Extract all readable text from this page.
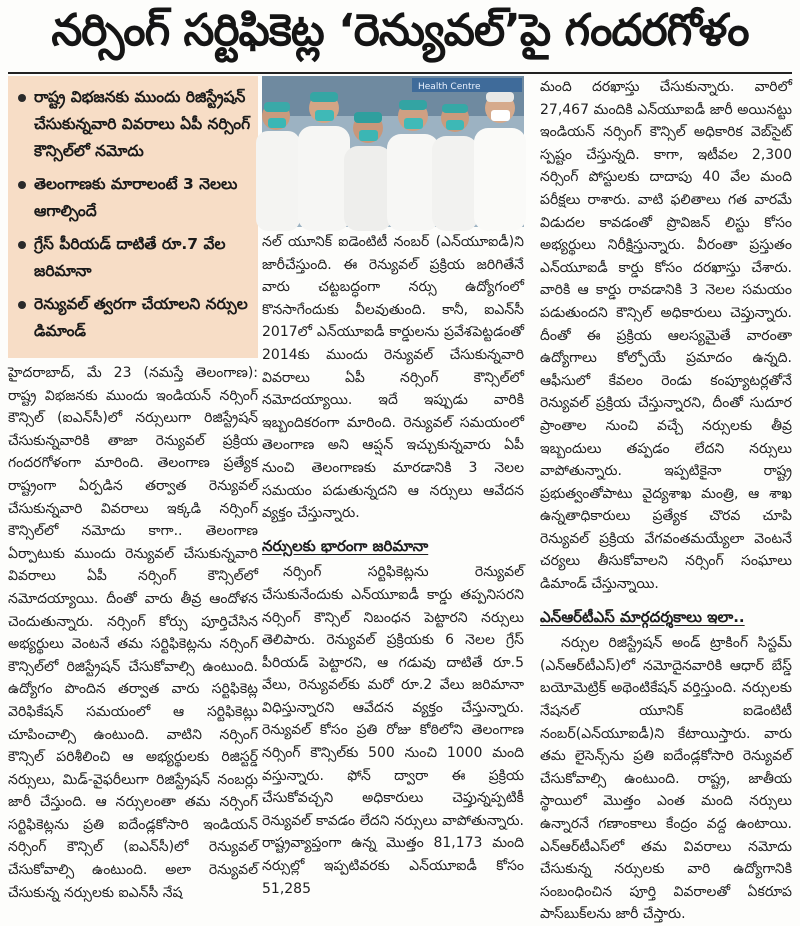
నర్సింగ్ సర్టిఫికెట్ల ‘రెన్యువల్’పై గందరగోళం
రాష్ట్ర విభజనకు ముందు రిజిస్ట్రేషన్ చేసుకున్నవారి వివరాలు ఏపీ నర్సింగ్ కౌన్సిల్‌లో నమోదు
తెలంగాణకు మారాలంటే 3 నెలలు ఆగాల్సిందే
గ్రేస్ పీరియడ్ దాటితే రూ.7 వేల జరిమానా
రెన్యువల్ త్వరగా చేయాలని నర్సుల డిమాండ్
Health Centre

హైదరాబాద్, మే 23 (నమస్తే తెలంగాణ): రాష్ట్ర విభజనకు ముందు ఇండియన్ నర్సింగ్ కౌన్సిల్ (ఐఎన్‌సీ)లో నర్సులుగా రిజిస్ట్రేషన్ చేసుకున్నవారికి తాజా రెన్యువల్ ప్రక్రియ గందరగోళంగా మారింది. తెలంగాణ ప్రత్యేక రాష్ట్రంగా ఏర్పడిన తర్వాత రెన్యువల్ చేసుకున్నవారి వివరాలు ఇక్కడి నర్సింగ్ కౌన్సిల్‌లో నమోదు కాగా.. తెలంగాణ ఏర్పాటుకు ముందు రెన్యువల్ చేసుకున్నవారి వివరాలు ఏపీ నర్సింగ్ కౌన్సిల్‌లో నమోదయ్యాయి. దీంతో వారు తీవ్ర ఆందోళన చెందుతున్నారు. నర్సింగ్ కోర్సు పూర్తిచేసిన అభ్యర్థులు వెంటనే తమ సర్టిఫికెట్లను నర్సింగ్ కౌన్సిల్‌లో రిజిస్ట్రేషన్ చేసుకోవాల్సి ఉంటుంది. ఉద్యోగం పొందిన తర్వాత వారు సర్టిఫికెట్ల వెరిఫికేషన్ సమయంలో ఆ సర్టిఫికెట్లు చూపించాల్సి ఉంటుంది. వాటిని నర్సింగ్ కౌన్సిల్ పరిశీలించి ఆ అభ్యర్థులకు రిజిస్టర్డ్ నర్సులు, మిడ్-వైఫరీలుగా రిజిస్ట్రేషన్ నంబర్లు జారీ చేస్తుంది. ఆ నర్సులంతా తమ నర్సింగ్ సర్టిఫికెట్లను ప్రతి ఐదేండ్లకోసారి ఇండియన్ నర్సింగ్ కౌన్సిల్ (ఐఎన్‌సీ)లో రెన్యువల్ చేసుకోవాల్సి ఉంటుంది. అలా రెన్యువల్ చేసుకున్న నర్సులకు ఐఎన్‌సీ నేష

నల్ యూనిక్ ఐడెంటిటీ నంబర్ (ఎన్‌యూఐడీ)ని జారీచేస్తుంది. ఈ రెన్యువల్ ప్రక్రియ జరిగితేనే వారు చట్టబద్ధంగా నర్సు ఉద్యోగంలో కొనసాగేందుకు వీలవుతుంది. కానీ, ఐఎన్‌సీ 2017లో ఎన్‌యూఐడీ కార్డులను ప్రవేశపెట్టడంతో 2014కు ముందు రెన్యువల్ చేసుకున్నవారి వివరాలు ఏపీ నర్సింగ్ కౌన్సిల్‌లో నమోదయ్యాయి. ఇదే ఇప్పుడు వారికి ఇబ్బందికరంగా మారింది. రెన్యువల్ సమయంలో తెలంగాణ అని ఆప్షన్ ఇచ్చుకున్నవారు ఏపీ నుంచి తెలంగాణకు మారడానికి 3 నెలల సమయం పడుతున్నదని ఆ నర్సులు ఆవేదన వ్యక్తం చేస్తున్నారు.

నర్సులకు భారంగా జరిమానా

నర్సింగ్ సర్టిఫికెట్లను రెన్యువల్ చేసుకునేందుకు ఎన్‌యూఐడీ కార్డు తప్పనిసరని నర్సింగ్ కౌన్సిల్ నిబంధన పెట్టారని నర్సులు తెలిపారు. రెన్యువల్ ప్రక్రియకు 6 నెలల గ్రేస్ పీరియడ్ పెట్టారని, ఆ గడువు దాటితే రూ.5 వేలు, రెన్యువల్‌కు మరో రూ.2 వేలు జరిమానా విధిస్తున్నారని ఆవేదన వ్యక్తం చేస్తున్నారు. రెన్యువల్ కోసం ప్రతి రోజు కోఠిలోని తెలంగాణ నర్సింగ్ కౌన్సిల్‌కు 500 నుంచి 1000 మంది వస్తున్నారు. ఫోన్ ద్వారా ఈ ప్రక్రియ చేసుకోవచ్చని అధికారులు చెప్తున్నప్పటికీ రెన్యువల్ కావడం లేదని నర్సులు వాపోతున్నారు. రాష్ట్రవ్యాప్తంగా ఉన్న మొత్తం 81,173 మంది నర్సుల్లో ఇప్పటివరకు ఎన్‌యూఐడీ కోసం 51,285

మంది దరఖాస్తు చేసుకున్నారు. వారిలో 27,467 మందికి ఎన్‌యూఐడీ జారీ అయినట్టు ఇండియన్ నర్సింగ్ కౌన్సిల్ అధికారిక వెబ్‌సైట్ స్పష్టం చేస్తున్నది. కాగా, ఇటీవల 2,300 నర్సింగ్ పోస్టులకు దాదాపు 40 వేల మంది పరీక్షలు రాశారు. వాటి ఫలితాలు గత వారమే విడుదల కావడంతో ప్రొవిజన్ లిస్టు కోసం అభ్యర్థులు నిరీక్షిస్తున్నారు. వీరంతా ప్రస్తుతం ఎన్‌యూఐడీ కార్డు కోసం దరఖాస్తు చేశారు. వారికి ఆ కార్డు రావడానికి 3 నెలల సమయం పడుతుందని కౌన్సిల్ అధికారులు చెప్తున్నారు. దీంతో ఈ ప్రక్రియ ఆలస్యమైతే వారంతా ఉద్యోగాలు కోల్పోయే ప్రమాదం ఉన్నది. ఆఫీసులో కేవలం రెండు కంప్యూటర్లతోనే రెన్యువల్ ప్రక్రియ చేస్తున్నారని, దీంతో సుదూర ప్రాంతాల నుంచి వచ్చే నర్సులకు తీవ్ర ఇబ్బందులు తప్పడం లేదని నర్సులు వాపోతున్నారు. ఇప్పటికైనా రాష్ట్ర ప్రభుత్వంతోపాటు వైద్యశాఖ మంత్రి, ఆ శాఖ ఉన్నతాధికారులు ప్రత్యేక చొరవ చూపి రెన్యువల్ ప్రక్రియ వేగవంతమయ్యేలా వెంటనే చర్యలు తీసుకోవాలని నర్సింగ్ సంఘాలు డిమాండ్ చేస్తున్నాయి.

ఎన్‌ఆర్‌టీఎస్ మార్గదర్శకాలు ఇలా..

నర్సుల రిజిస్ట్రేషన్ అండ్ ట్రాకింగ్ సిస్టమ్ (ఎన్‌ఆర్‌టీఎస్)లో నమోదైనవారికి ఆధార్ బేస్డ్ బయోమెట్రిక్ అథెంటికేషన్ వర్తిస్తుంది. నర్సులకు నేషనల్ యూనిక్ ఐడెంటిటీ నంబర్(ఎన్‌యూఐడీ)ని కేటాయిస్తారు. వారు తమ లైసెన్స్‌ను ప్రతి ఐదేండ్లకోసారి రెన్యువల్ చేసుకోవాల్సి ఉంటుంది. రాష్ట్ర, జాతీయ స్థాయిలో మొత్తం ఎంత మంది నర్సులు ఉన్నారనే గణాంకాలు కేంద్రం వద్ద ఉంటాయి. ఎన్‌ఆర్‌టీఎస్‌లో తమ వివరాలు నమోదు చేసుకున్న నర్సులకు వారి ఉద్యోగానికి సంబంధించిన పూర్తి వివరాలతో ఏకరూప పాస్‌బుక్‌లను జారీ చేస్తారు.
